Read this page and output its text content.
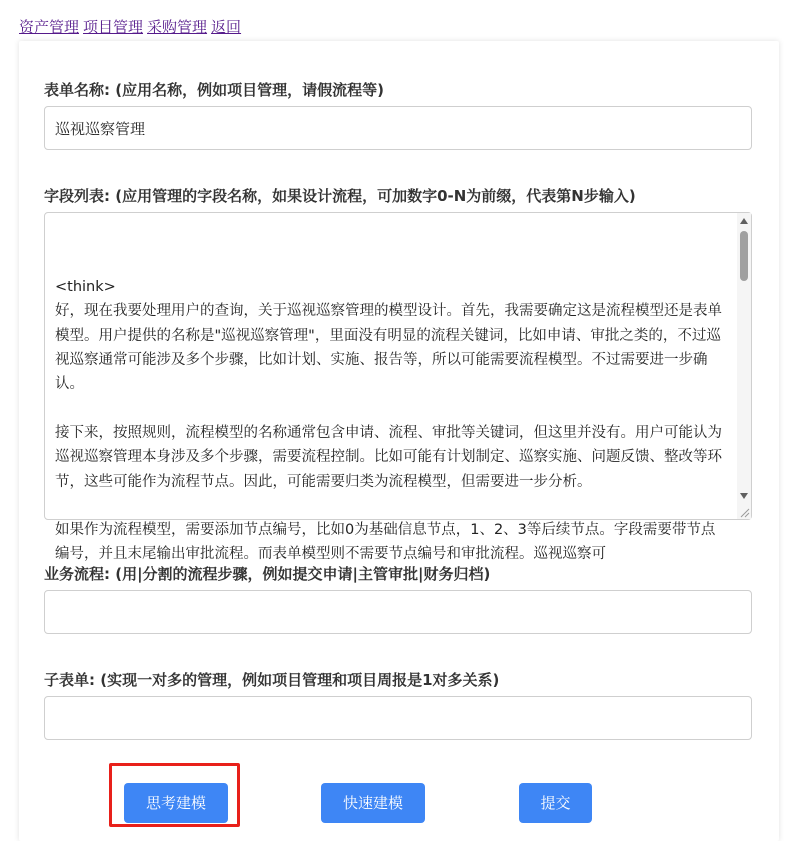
资产管理 项目管理 采购管理 返回
表单名称: (应用名称，例如项目管理，请假流程等)
巡视巡察管理
字段列表: (应用管理的字段名称，如果设计流程，可加数字0-N为前缀，代表第N步输入)

<think>

好，现在我要处理用户的查询，关于巡视巡察管理的模型设计。首先，我需要确定这是流程模型还是表单模型。用户提供的名称是"巡视巡察管理"，里面没有明显的流程关键词，比如申请、审批之类的，不过巡视巡察通常可能涉及多个步骤，比如计划、实施、报告等，所以可能需要流程模型。不过需要进一步确认。

接下来，按照规则，流程模型的名称通常包含申请、流程、审批等关键词，但这里并没有。用户可能认为巡视巡察管理本身涉及多个步骤，需要流程控制。比如可能有计划制定、巡察实施、问题反馈、整改等环节，这些可能作为流程节点。因此，可能需要归类为流程模型，但需要进一步分析。

如果作为流程模型，需要添加节点编号，比如0为基础信息节点，1、2、3等后续节点。字段需要带节点编号，并且末尾输出审批流程。而表单模型则不需要节点编号和审批流程。巡视巡察可

业务流程: (用|分割的流程步骤，例如提交申请|主管审批|财务归档)
子表单: (实现一对多的管理，例如项目管理和项目周报是1对多关系)
思考建模	快速建模	提交
